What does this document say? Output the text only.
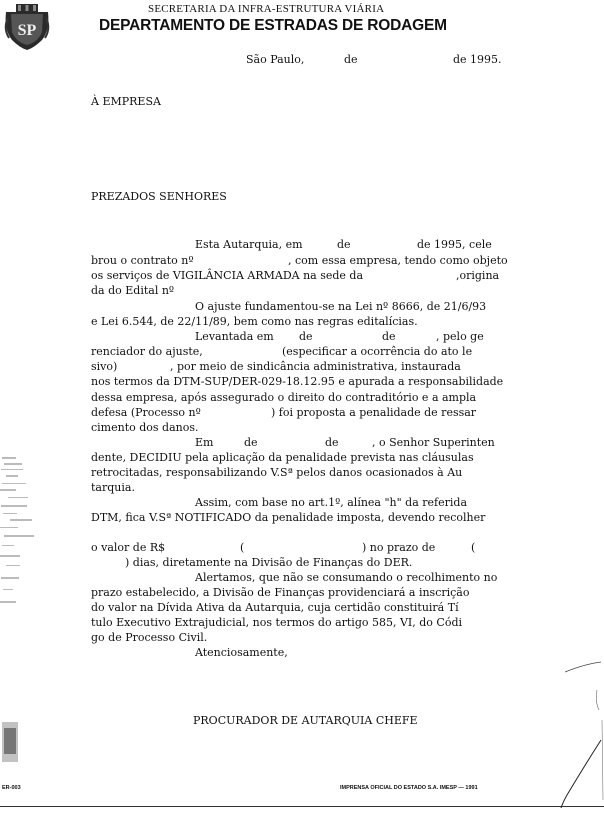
SP
SECRETARIA DA INFRA-ESTRUTURA VIÁRIA
DEPARTAMENTO DE ESTRADAS DE RODAGEM
São Paulo,	de	de 1995.
À EMPRESA
PREZADOS SENHORES
Esta Autarquia, em	de	de 1995, cele
brou o contrato nº	, com essa empresa, tendo como objeto
os serviços de VIGILÂNCIA ARMADA na sede da	,origina
da do Edital nº
O ajuste fundamentou-se na Lei nº 8666, de 21/6/93
e Lei 6.544, de 22/11/89, bem como nas regras editalícias.
Levantada em de	de	, pelo ge
renciador do ajuste,	(especificar a ocorrência do ato le
sivo)	, por meio de sindicância administrativa, instaurada
nos termos da DTM-SUP/DER-029-18.12.95 e apurada a responsabilidade
dessa empresa, após assegurado o direito do contraditório e a ampla
defesa (Processo nº	) foi proposta a penalidade de ressar
cimento dos danos.
Em	de	de	, o Senhor Superinten
dente, DECIDIU pela aplicação da penalidade prevista nas cláusulas
retrocitadas, responsabilizando V.Sª pelos danos ocasionados à Au
tarquia.
Assim, com base no art.1º, alínea "h" da referida
DTM, fica V.Sª NOTIFICADO da penalidade imposta, devendo recolher
o valor de R$	(	) no prazo de	(
) dias, diretamente na Divisão de Finanças do DER.
Alertamos, que não se consumando o recolhimento no
prazo estabelecido, a Divisão de Finanças providenciará a inscrição
do valor na Dívida Ativa da Autarquia, cuja certidão constituirá Tí
tulo Executivo Extrajudicial, nos termos do artigo 585, VI, do Códi
go de Processo Civil.
Atenciosamente,
PROCURADOR DE AUTARQUIA CHEFE
ER-003	IMPRENSA OFICIAL DO ESTADO S.A. IMESP — 1991
